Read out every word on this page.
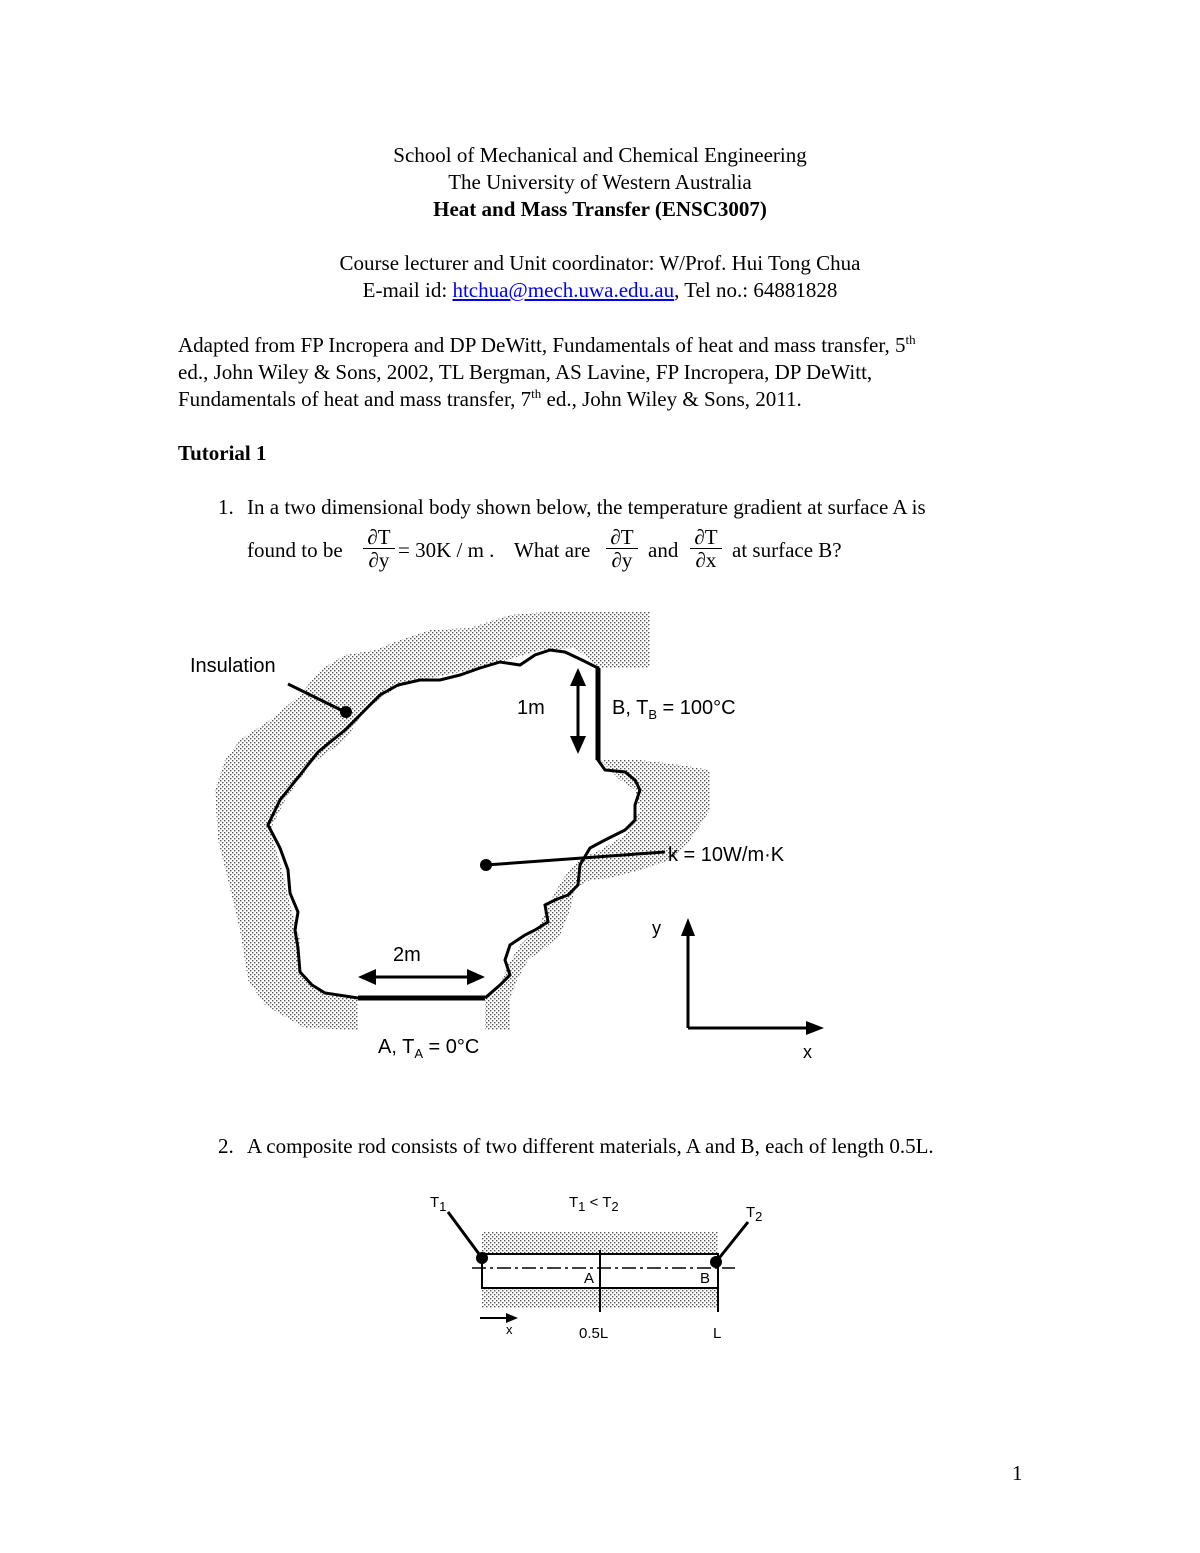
School of Mechanical and Chemical Engineering
The University of Western Australia
Heat and Mass Transfer (ENSC3007)
Course lecturer and Unit coordinator: W/Prof. Hui Tong Chua
E-mail id: htchua@mech.uwa.edu.au, Tel no.: 64881828
Adapted from FP Incropera and DP DeWitt, Fundamentals of heat and mass transfer, 5th
ed., John Wiley & Sons, 2002, TL Bergman, AS Lavine, FP Incropera, DP DeWitt,
Fundamentals of heat and mass transfer, 7th ed., John Wiley & Sons, 2011.
Tutorial 1
1. In a two dimensional body shown below, the temperature gradient at surface A is
found to be
∂T
∂y = 30K / m . What are
∂T
∂y and
∂T
∂x at surface B?
Insulation
1m	B, $T_B = 100^\circ C$
k = 10W/m·K
2m
A, $T_A = 0^\circ C$
y
x
2. A composite rod consists of two different materials, A and B, each of length 0.5L.
$T_1$	$T_1 < T_2$	$T_2$
A	B
x	0.5L	L
1
